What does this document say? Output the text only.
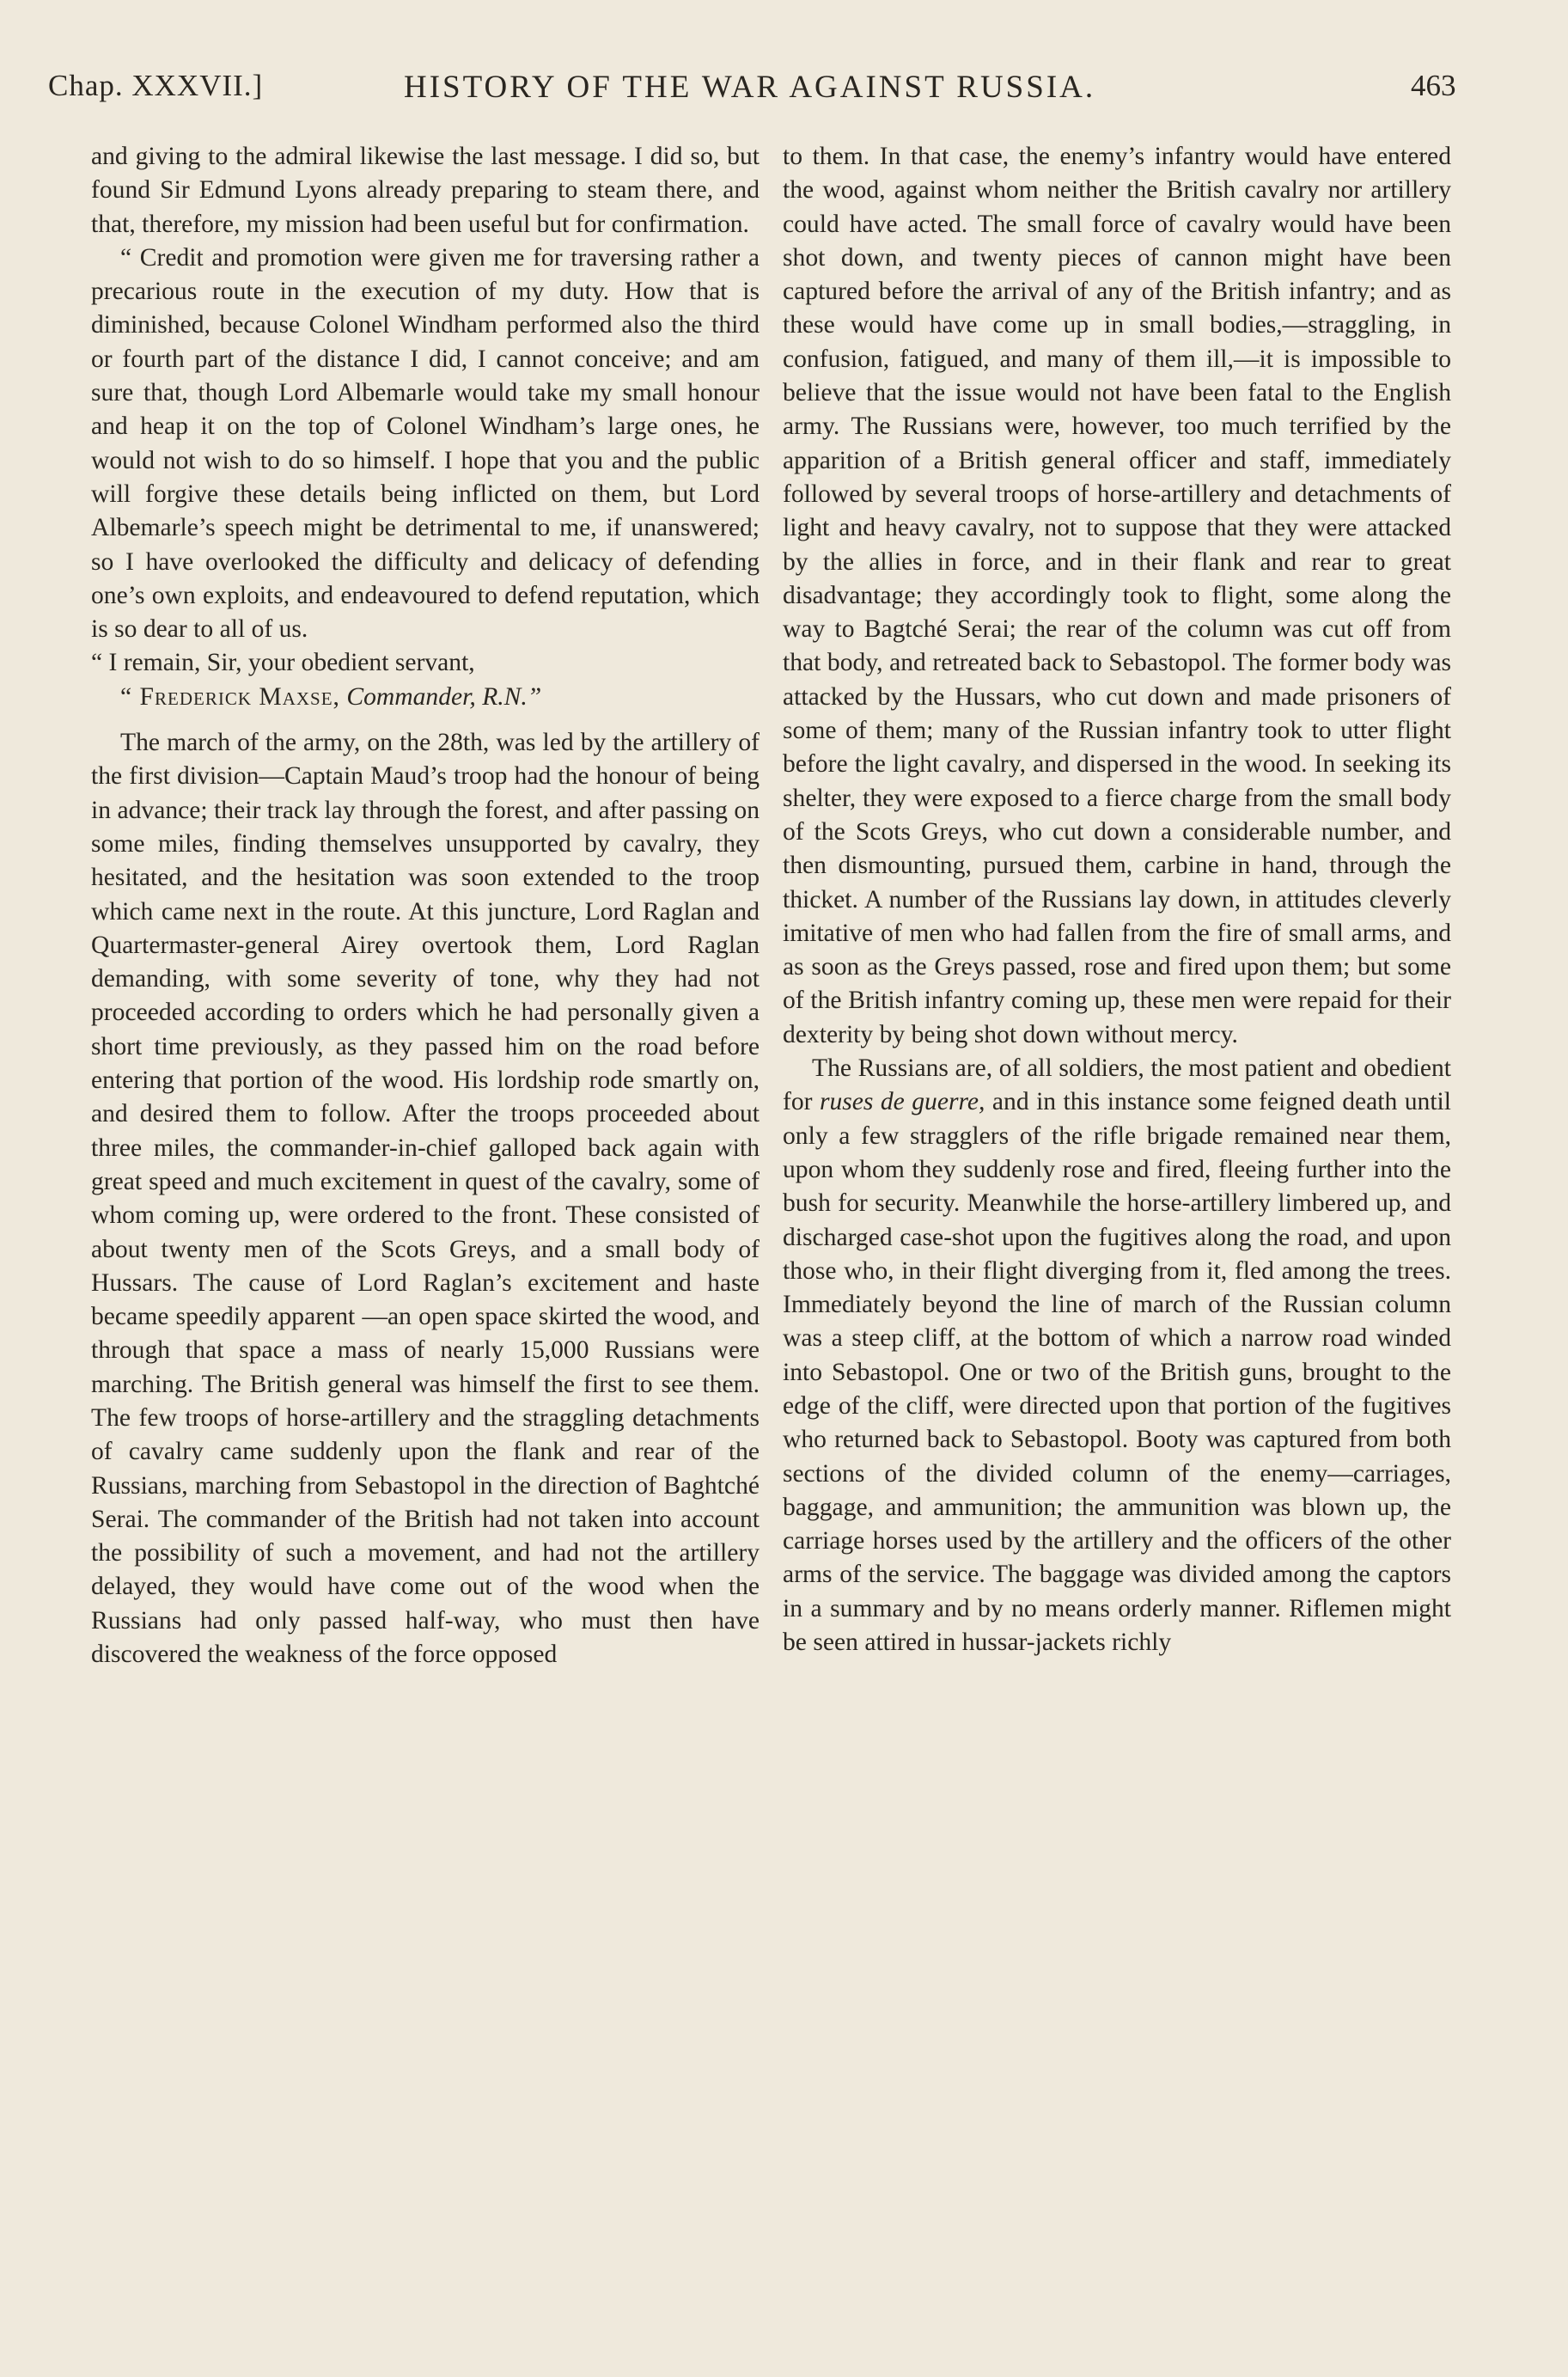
Chap. XXXVII.]	HISTORY OF THE WAR AGAINST RUSSIA.	463

and giving to the admiral likewise the last message. I did so, but found Sir Edmund Lyons already preparing to steam there, and that, therefore, my mission had been useful but for confirmation.

“ Credit and promotion were given me for traversing rather a precarious route in the execution of my duty. How that is diminished, because Colonel Windham performed also the third or fourth part of the distance I did, I cannot conceive; and am sure that, though Lord Albemarle would take my small honour and heap it on the top of Colonel Windham’s large ones, he would not wish to do so himself. I hope that you and the public will forgive these details being inflicted on them, but Lord Albemarle’s speech might be detrimental to me, if unanswered; so I have overlooked the difficulty and delicacy of defending one’s own exploits, and endeavoured to defend reputation, which is so dear to all of us.

“ I remain, Sir, your obedient servant,

“ Frederick Maxse, Commander, R.N.”

The march of the army, on the 28th, was led by the artillery of the first division—Captain Maud’s troop had the honour of being in advance; their track lay through the forest, and after passing on some miles, finding themselves unsupported by cavalry, they hesitated, and the hesitation was soon extended to the troop which came next in the route. At this juncture, Lord Raglan and Quartermaster-general Airey overtook them, Lord Raglan demanding, with some severity of tone, why they had not proceeded according to orders which he had personally given a short time previously, as they passed him on the road before entering that portion of the wood. His lordship rode smartly on, and desired them to follow. After the troops proceeded about three miles, the commander-in-chief galloped back again with great speed and much excitement in quest of the cavalry, some of whom coming up, were ordered to the front. These consisted of about twenty men of the Scots Greys, and a small body of Hussars. The cause of Lord Raglan’s excitement and haste became speedily apparent —an open space skirted the wood, and through that space a mass of nearly 15,000 Russians were marching. The British general was himself the first to see them. The few troops of horse-artillery and the straggling detachments of cavalry came suddenly upon the flank and rear of the Russians, marching from Sebastopol in the direction of Baghtché Serai. The commander of the British had not taken into account the possibility of such a movement, and had not the artillery delayed, they would have come out of the wood when the Russians had only passed half-way, who must then have discovered the weakness of the force opposed

to them. In that case, the enemy’s infantry would have entered the wood, against whom neither the British cavalry nor artillery could have acted. The small force of cavalry would have been shot down, and twenty pieces of cannon might have been captured before the arrival of any of the British infantry; and as these would have come up in small bodies,—straggling, in confusion, fatigued, and many of them ill,—it is impossible to believe that the issue would not have been fatal to the English army. The Russians were, however, too much terrified by the apparition of a British general officer and staff, immediately followed by several troops of horse-artillery and detachments of light and heavy cavalry, not to suppose that they were attacked by the allies in force, and in their flank and rear to great disadvantage; they accordingly took to flight, some along the way to Bagtché Serai; the rear of the column was cut off from that body, and retreated back to Sebastopol. The former body was attacked by the Hussars, who cut down and made prisoners of some of them; many of the Russian infantry took to utter flight before the light cavalry, and dispersed in the wood. In seeking its shelter, they were exposed to a fierce charge from the small body of the Scots Greys, who cut down a considerable number, and then dismounting, pursued them, carbine in hand, through the thicket. A number of the Russians lay down, in attitudes cleverly imitative of men who had fallen from the fire of small arms, and as soon as the Greys passed, rose and fired upon them; but some of the British infantry coming up, these men were repaid for their dexterity by being shot down without mercy.

The Russians are, of all soldiers, the most patient and obedient for ruses de guerre, and in this instance some feigned death until only a few stragglers of the rifle brigade remained near them, upon whom they suddenly rose and fired, fleeing further into the bush for security. Meanwhile the horse-artillery limbered up, and discharged case-shot upon the fugitives along the road, and upon those who, in their flight diverging from it, fled among the trees. Immediately beyond the line of march of the Russian column was a steep cliff, at the bottom of which a narrow road winded into Sebastopol. One or two of the British guns, brought to the edge of the cliff, were directed upon that portion of the fugitives who returned back to Sebastopol. Booty was captured from both sections of the divided column of the enemy—carriages, baggage, and ammunition; the ammunition was blown up, the carriage horses used by the artillery and the officers of the other arms of the service. The baggage was divided among the captors in a summary and by no means orderly manner. Riflemen might be seen attired in hussar-jackets richly
